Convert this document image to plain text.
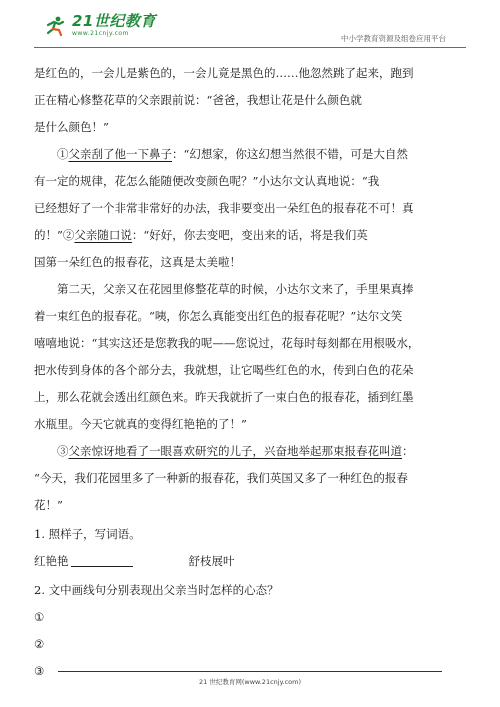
21世纪教育
www.21cnjy.com
中小学教育资源及组卷应用平台

是红色的，一会儿是紫色的，一会儿竟是黑色的……他忽然跳了起来，跑到
正在精心修整花草的父亲跟前说：“爸爸，我想让花是什么颜色就
是什么颜色！”

①父亲刮了他一下鼻子：“幻想家，你这幻想当然很不错，可是大自然

有一定的规律，花怎么能随便改变颜色呢？”小达尔文认真地说：“我
已经想好了一个非常非常好的办法，我非要变出一朵红色的报春花不可！真
的！”②父亲随口说：“好好，你去变吧，变出来的话，将是我们英
国第一朵红色的报春花，这真是太美啦！

第二天，父亲又在花园里修整花草的时候，小达尔文来了，手里果真捧

着一束红色的报春花。“咦，你怎么真能变出红色的报春花呢？”达尔文笑
嘻嘻地说：“其实这还是您教我的呢——您说过，花每时每刻都在用根吸水，
把水传到身体的各个部分去，我就想，让它喝些红色的水，传到白色的花朵
上，那么花就会透出红颜色来。昨天我就折了一束白色的报春花，插到红墨
水瓶里。今天它就真的变得红艳艳的了！”

③父亲惊讶地看了一眼喜欢研究的儿子，兴奋地举起那束报春花叫道：

“今天，我们花园里多了一种新的报春花，我们英国又多了一种红色的报春
花！”

1. 照样子，写词语。
红艳艳	舒枝展叶
2. 文中画线句分别表现出父亲当时怎样的心态？
①
②
③
21 世纪教育网(www.21cnjy.com)
